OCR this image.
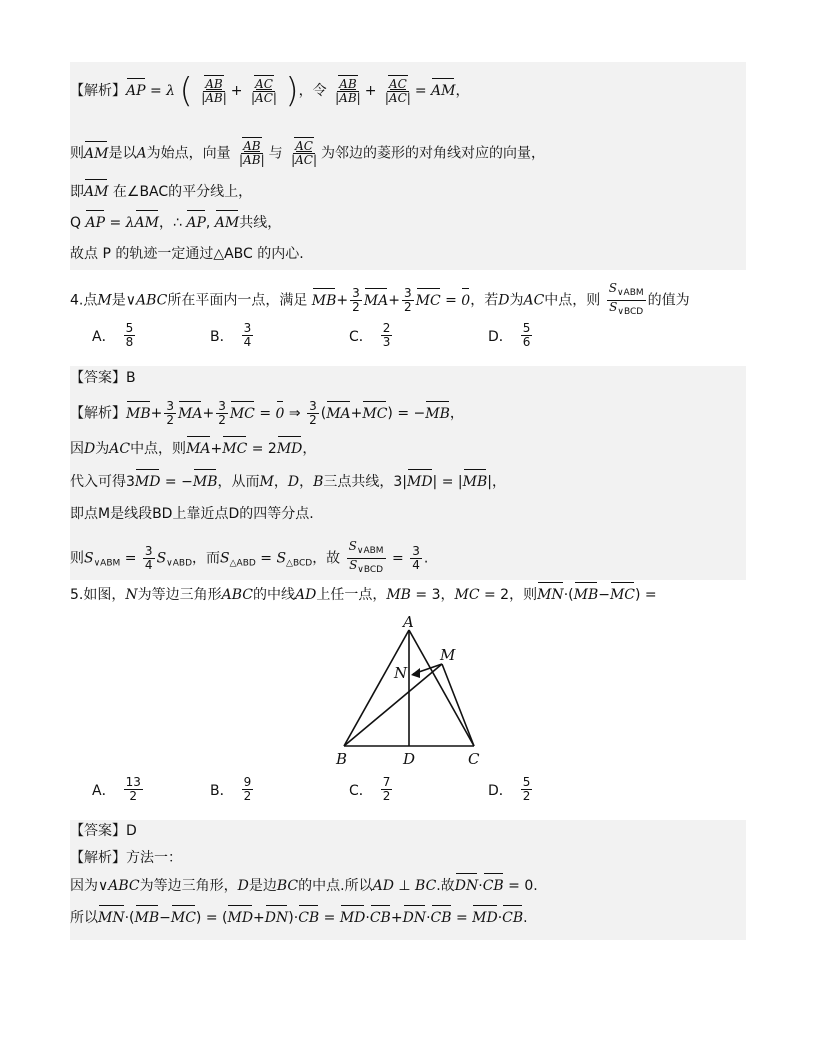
【解析】AP = λ ( $\frac{AB}{|AB|} + \frac{AC}{|AC|}$ )，令 $\frac{AB}{|AB|} + \frac{AC}{|AC|}$ = AM，
则AM是以A为始点，向量 $\frac{AB}{|AB|}$ 与 $\frac{AC}{|AC|}$ 为邻边的菱形的对角线对应的向量，
即AM 在∠BAC的平分线上，
Q AP = λAM，∴ AP, AM共线，
故点 P 的轨迹一定通过△ABC 的内心.
4.点M是∨ABC所在平面内一点，满足 $MB+ \frac{3}{2} MA+ \frac{3}{2}$ MC = 0，若D为AC中点，则 $\frac{S_{\vee ABM}}{S_{\vee BCD}}$ 的值为
A． $\frac{5}{8}$	B． $\frac{3}{4}$	C． $\frac{2}{3}$	D． $\frac{5}{6}$
【答案】B
【解析】$MB+ \frac{3}{2} MA+ \frac{3}{2}$ MC = 0 ⇒ $\frac{3}{2} (MA+MC) = -MB$，
因D为AC中点，则MA+MC = 2MD，
代入可得3MD = −MB，从而M，D，B三点共线，3|MD| = |MB|，
即点M是线段BD上靠近点D的四等分点.
则$S_{\vee ABM} = \frac{3}{4} S_{\vee ABD}$，而$S_{\triangle ABD} = S_{\triangle BCD}$，故 $\frac{S_{\vee ABM}}{S_{\vee BCD}} = \frac{3}{4}$ .
5.如图，N为等边三角形ABC的中线AD上任一点，MB = 3，MC = 2，则MN·(MB−MC) =
A
B	C
D
M
N
A． $\frac{13}{2}$	B． $\frac{9}{2}$	C． $\frac{7}{2}$	D． $\frac{5}{2}$
【答案】D
【解析】方法一：
因为∨ABC为等边三角形，D是边BC的中点.所以AD ⊥ BC.故DN·CB = 0.
所以MN·(MB−MC) = (MD+DN)·CB = MD·CB+DN·CB = MD·CB.
